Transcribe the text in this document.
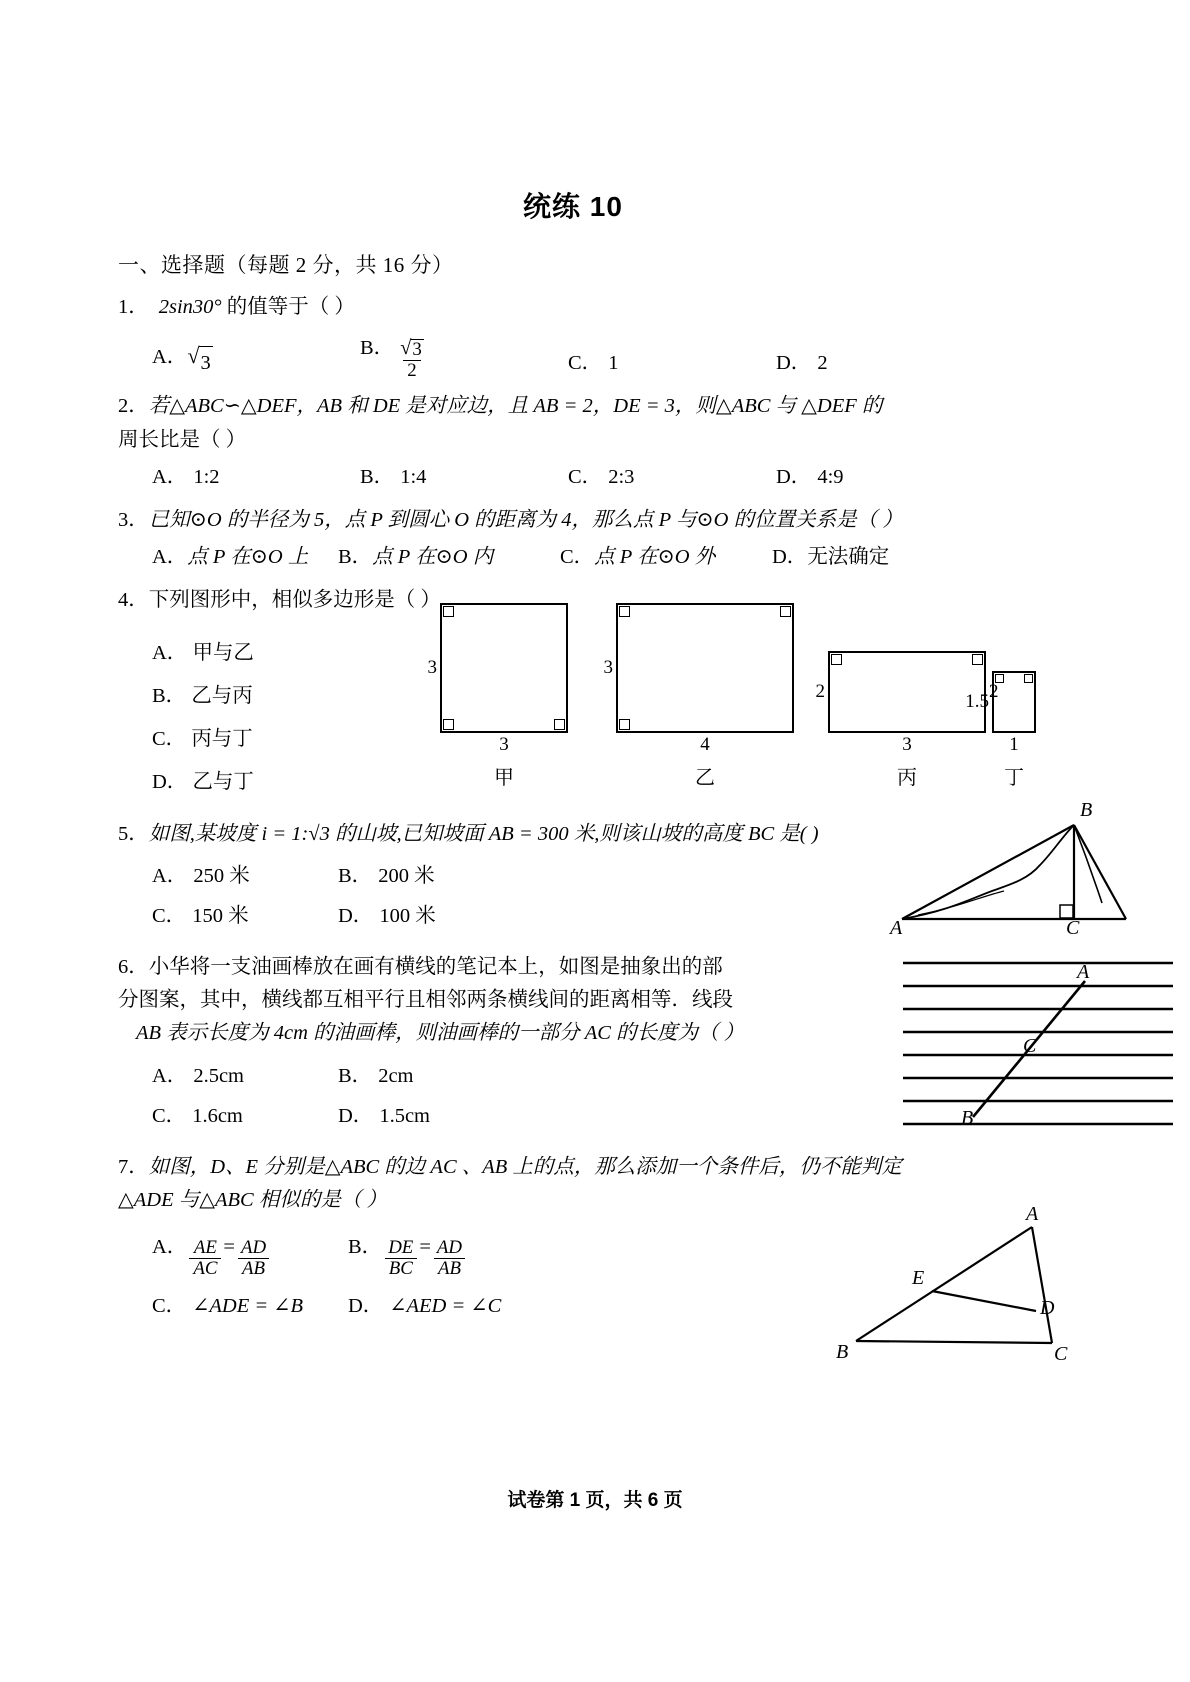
统练 10
一、选择题（每题 2 分，共 16 分）
1． 2sin30° 的值等于（ ）
A． √ 3
B． $\frac{√ 3}{2}$	C． 1	D． 2
2．若△ABC∽△DEF，AB 和 DE 是对应边，且 AB = 2，DE = 3，则△ABC 与 △DEF 的
周长比是（ ）
A． 1:2	B． 1:4	C． 2:3	D． 4:9
3．已知⊙O 的半径为 5，点 P 到圆心 O 的距离为 4，那么点 P 与⊙O 的位置关系是（ ）
A． 点 P 在⊙O 上 B． 点 P 在⊙O 内	C． 点 P 在⊙O 外	D． 无法确定
4．下列图形中，相似多边形是（ ）
A． 甲与乙
B． 乙与丙
C． 丙与丁
D． 乙与丁
5．如图,某坡度 i = 1:√3 的山坡,已知坡面 AB = 300 米,则该山坡的高度 BC 是( )
A． 250 米	B． 200 米
C． 150 米	D． 100 米
6．小华将一支油画棒放在画有横线的笔记本上，如图是抽象出的部
分图案，其中，横线都互相平行且相邻两条横线间的距离相等．线段
AB 表示长度为 4cm 的油画棒，则油画棒的一部分 AC 的长度为（ ）
A． 2.5cm	B． 2cm
C． 1.6cm	D． 1.5cm
7．如图，D、E 分别是△ABC 的边 AC 、AB 上的点，那么添加一个条件后，仍不能判定
△ADE 与△ABC 相似的是（ ）
A． $\frac{AE}{AC} = \frac{AD}{AB}$	B． $\frac{DE}{BC} = \frac{AD}{AB}$
C． ∠ADE = ∠B D． ∠AED = ∠C
3
3
甲
3
4
乙
2	2
3
丙
1.5
1
丁
A
B
C
A
C
B
A
E
D
B	C
试卷第 1 页，共 6 页
